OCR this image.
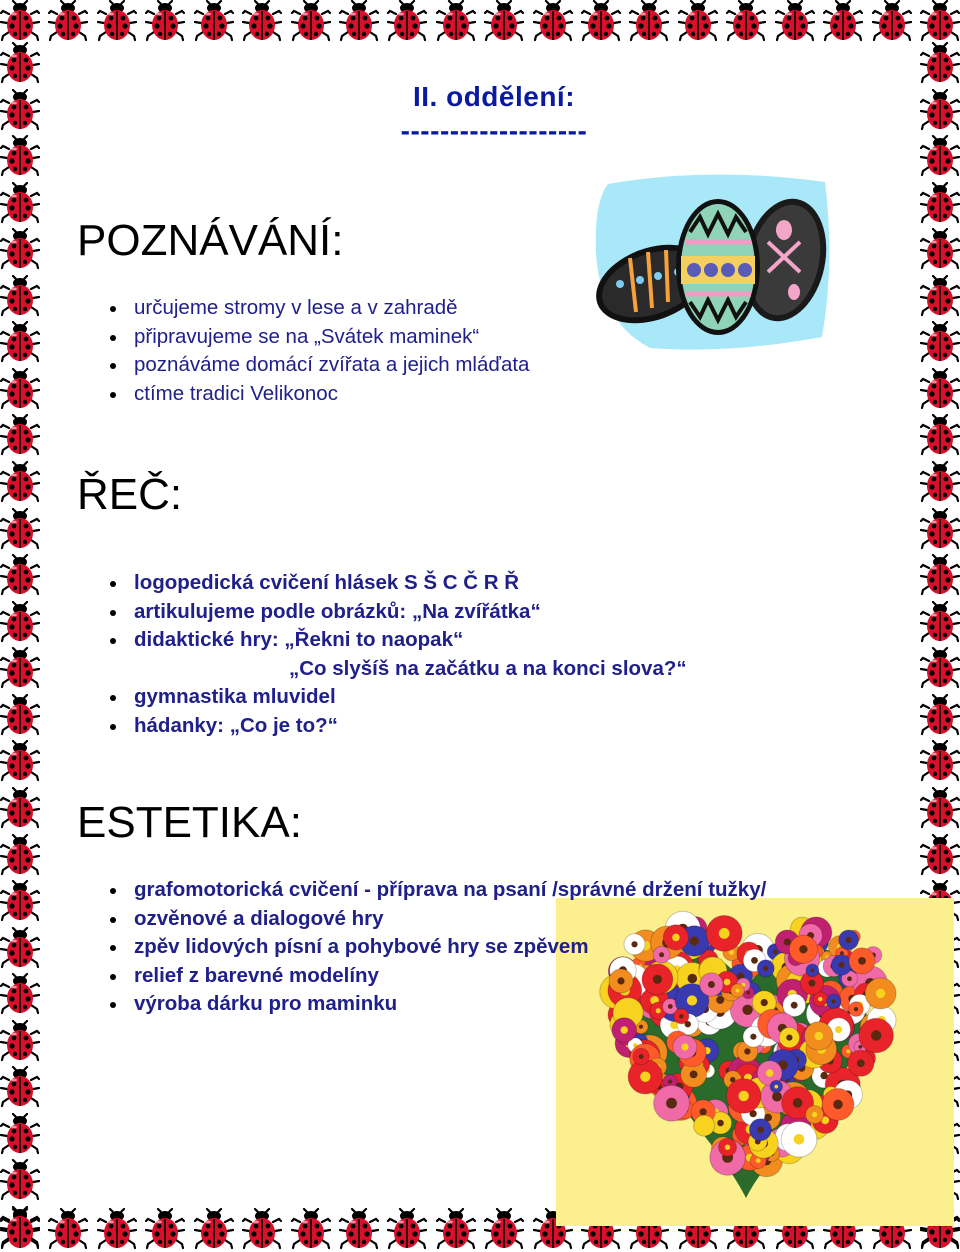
II. oddělení:
-------------------
POZNÁVÁNÍ:
určujeme stromy v lese a v zahradě
připravujeme se na „Svátek maminek“
poznáváme domácí zvířata a jejich mláďata
ctíme tradici Velikonoc
ŘEČ:
logopedická cvičení hlásek S Š C Č R Ř
artikulujeme podle obrázků: „Na zvířátka“
didaktické hry: „Řekni to naopak“
„Co slyšíš na začátku a na konci slova?“
gymnastika mluvidel
hádanky: „Co je to?“
ESTETIKA:
grafomotorická cvičení - příprava na psaní /správné držení tužky/
ozvěnové a dialogové hry
zpěv lidových písní a pohybové hry se zpěvem
relief z barevné modelíny
výroba dárku pro maminku
